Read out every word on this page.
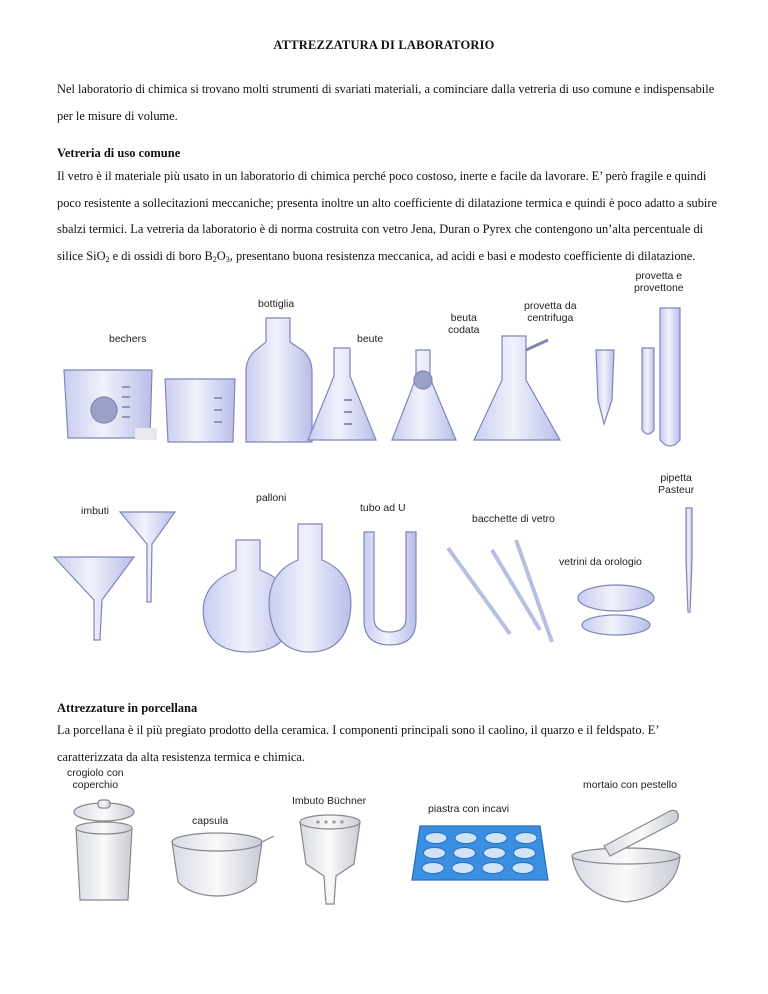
ATTREZZATURA DI LABORATORIO
Nel laboratorio di chimica si trovano molti strumenti di svariati materiali, a cominciare dalla vetreria di uso comune e indispensabile per le misure di volume.
Vetreria di uso comune
Il vetro è il materiale più usato in un laboratorio di chimica perché poco costoso, inerte e facile da lavorare. E’ però fragile e quindi poco resistente a sollecitazioni meccaniche; presenta inoltre un alto coefficiente di dilatazione termica e quindi è poco adatto a subire sbalzi termici. La vetreria da laboratorio è di norma costruita con vetro Jena, Duran o Pyrex che contengono un’alta percentuale di silice SiO$_2$ e di ossidi di boro $B_2O_3$, presentano buona resistenza meccanica, ad acidi e basi e modesto coefficiente di dilatazione.
provetta e
provettone
bottiglia
beuta
codata
provetta da
centrifuga
bechers	beute
pipetta
Pasteur
palloni
imbuti	tubo ad U
bacchette di vetro
vetrini da orologio
Attrezzature in porcellana
La porcellana è il più pregiato prodotto della ceramica. I componenti principali sono il caolino, il quarzo e il feldspato. E’ caratterizzata da alta resistenza termica e chimica.
crogiolo con
coperchio	mortaio con pestello
Imbuto Büchner
piastra con incavi
capsula
